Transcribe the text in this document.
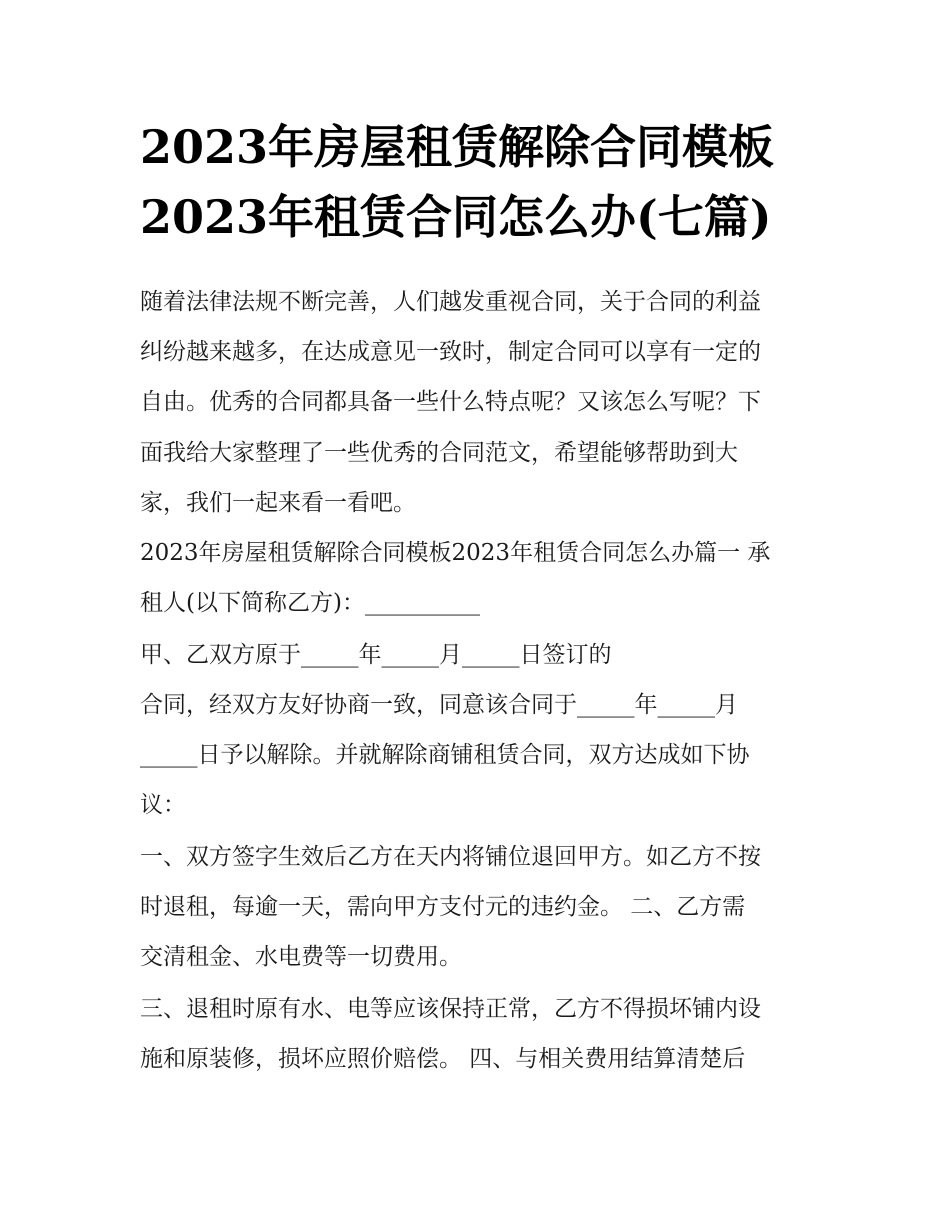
2023年房屋租赁解除合同模板
2023年租赁合同怎么办(七篇)
随着法律法规不断完善，人们越发重视合同，关于合同的利益
纠纷越来越多，在达成意见一致时，制定合同可以享有一定的
自由。优秀的合同都具备一些什么特点呢？又该怎么写呢？下
面我给大家整理了一些优秀的合同范文，希望能够帮助到大
家，我们一起来看一看吧。
2023年房屋租赁解除合同模板2023年租赁合同怎么办篇一 承
租人(以下简称乙方)：__________
甲、乙双方原于_____年_____月_____日签订的
合同，经双方友好协商一致，同意该合同于_____年_____月
_____日予以解除。并就解除商铺租赁合同，双方达成如下协
议：
一、双方签字生效后乙方在天内将铺位退回甲方。如乙方不按
时退租，每逾一天，需向甲方支付元的违约金。 二、乙方需
交清租金、水电费等一切费用。
三、退租时原有水、电等应该保持正常，乙方不得损坏铺内设
施和原装修，损坏应照价赔偿。 四、与相关费用结算清楚后
